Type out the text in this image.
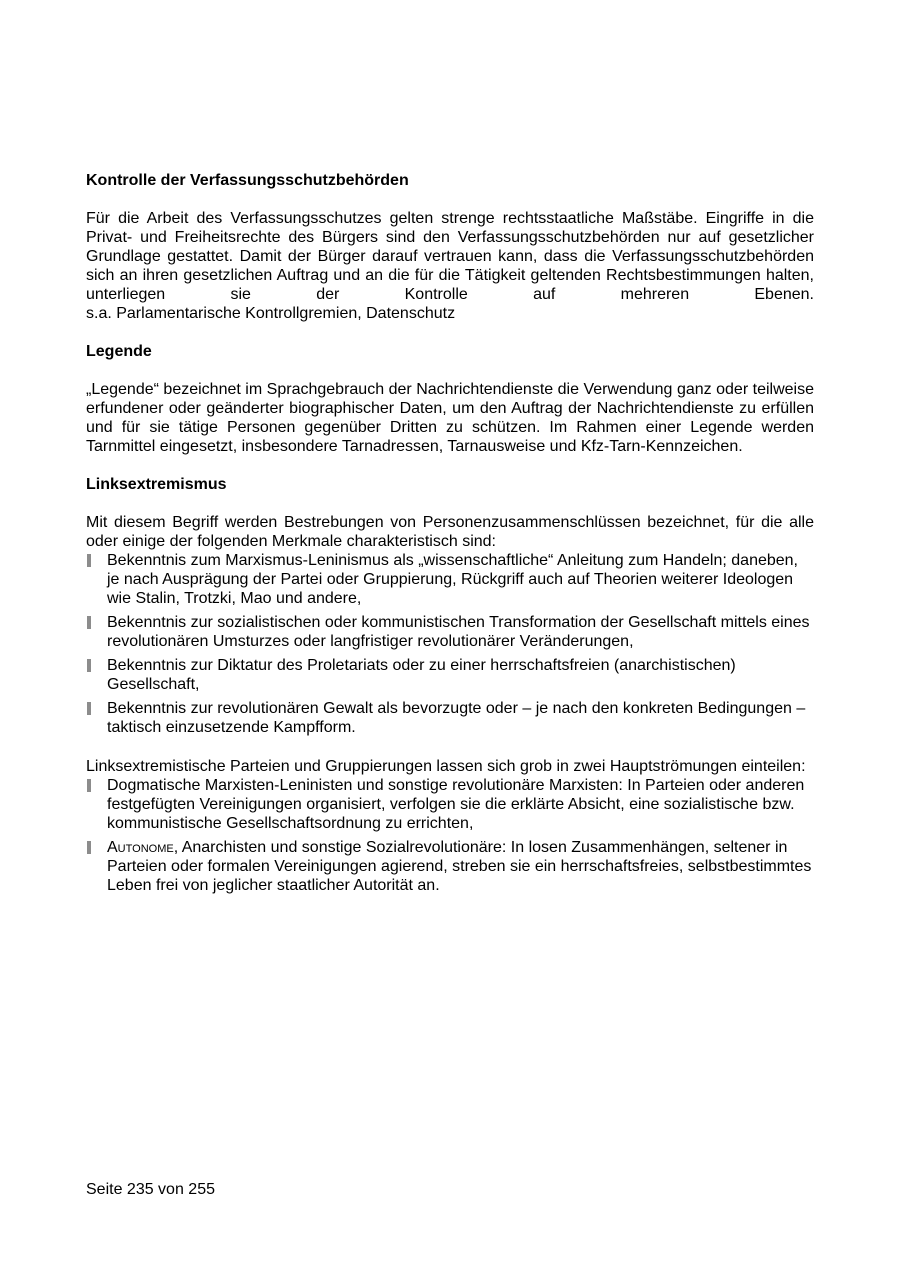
Kontrolle der Verfassungsschutzbehörden

Für die Arbeit des Verfassungsschutzes gelten strenge rechtsstaatliche Maßstäbe. Eingriffe in die Privat- und Freiheitsrechte des Bürgers sind den Verfassungsschutzbehörden nur auf gesetzlicher Grundlage gestattet. Damit der Bürger darauf vertrauen kann, dass die Verfassungsschutzbehörden sich an ihren gesetzlichen Auftrag und an die für die Tätigkeit geltenden Rechtsbestimmungen halten, unterliegen sie der Kontrolle auf mehreren Ebenen.

s.a. Parlamentarische Kontrollgremien, Datenschutz

Legende

„Legende“ bezeichnet im Sprachgebrauch der Nachrichtendienste die Verwendung ganz oder teilweise erfundener oder geänderter biographischer Daten, um den Auftrag der Nachrichtendienste zu erfüllen und für sie tätige Personen gegenüber Dritten zu schützen. Im Rahmen einer Legende werden Tarnmittel eingesetzt, insbesondere Tarnadressen, Tarnausweise und Kfz-Tarn-Kennzeichen.

Linksextremismus

Mit diesem Begriff werden Bestrebungen von Personenzusammenschlüssen bezeichnet, für die alle oder einige der folgenden Merkmale charakteristisch sind:

Bekenntnis zum Marxismus-Leninismus als „wissenschaftliche“ Anleitung zum Handeln; daneben, je nach Ausprägung der Partei oder Gruppierung, Rückgriff auch auf Theorien weiterer Ideologen wie Stalin, Trotzki, Mao und andere,
Bekenntnis zur sozialistischen oder kommunistischen Transformation der Gesellschaft mittels eines revolutionären Umsturzes oder langfristiger revolutionärer Veränderungen,
Bekenntnis zur Diktatur des Proletariats oder zu einer herrschaftsfreien (anarchistischen) Gesellschaft,
Bekenntnis zur revolutionären Gewalt als bevorzugte oder – je nach den konkreten Bedingungen – taktisch einzusetzende Kampfform.

Linksextremistische Parteien und Gruppierungen lassen sich grob in zwei Hauptströmungen einteilen:

Dogmatische Marxisten-Leninisten und sonstige revolutionäre Marxisten: In Parteien oder anderen festgefügten Vereinigungen organisiert, verfolgen sie die erklärte Absicht, eine sozialistische bzw. kommunistische Gesellschaftsordnung zu errichten,
Autonome, Anarchisten und sonstige Sozialrevolutionäre: In losen Zusammenhängen, seltener in Parteien oder formalen Vereinigungen agierend, streben sie ein herrschaftsfreies, selbstbestimmtes Leben frei von jeglicher staatlicher Autorität an.
Seite 235 von 255
